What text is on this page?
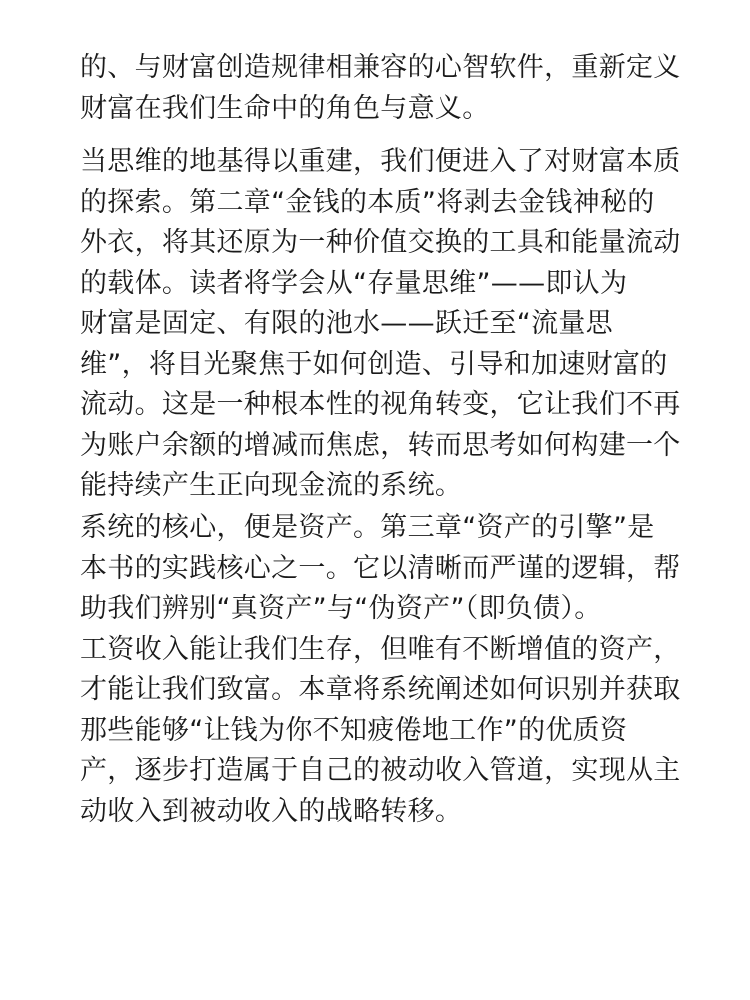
的、与财富创造规律相兼容的心智软件，重新定义
财富在我们生命中的角色与意义。

当思维的地基得以重建，我们便进入了对财富本质
的探索。第二章“金钱的本质”将剥去金钱神秘的
外衣，将其还原为一种价值交换的工具和能量流动
的载体。读者将学会从“存量思维”——即认为
财富是固定、有限的池水——跃迁至“流量思
维”，将目光聚焦于如何创造、引导和加速财富的
流动。这是一种根本性的视角转变，它让我们不再
为账户余额的增减而焦虑，转而思考如何构建一个
能持续产生正向现金流的系统。

系统的核心，便是资产。第三章“资产的引擎”是
本书的实践核心之一。它以清晰而严谨的逻辑，帮
助我们辨别“真资产”与“伪资产”（即负债）。
工资收入能让我们生存，但唯有不断增值的资产，
才能让我们致富。本章将系统阐述如何识别并获取
那些能够“让钱为你不知疲倦地工作”的优质资
产，逐步打造属于自己的被动收入管道，实现从主
动收入到被动收入的战略转移。
